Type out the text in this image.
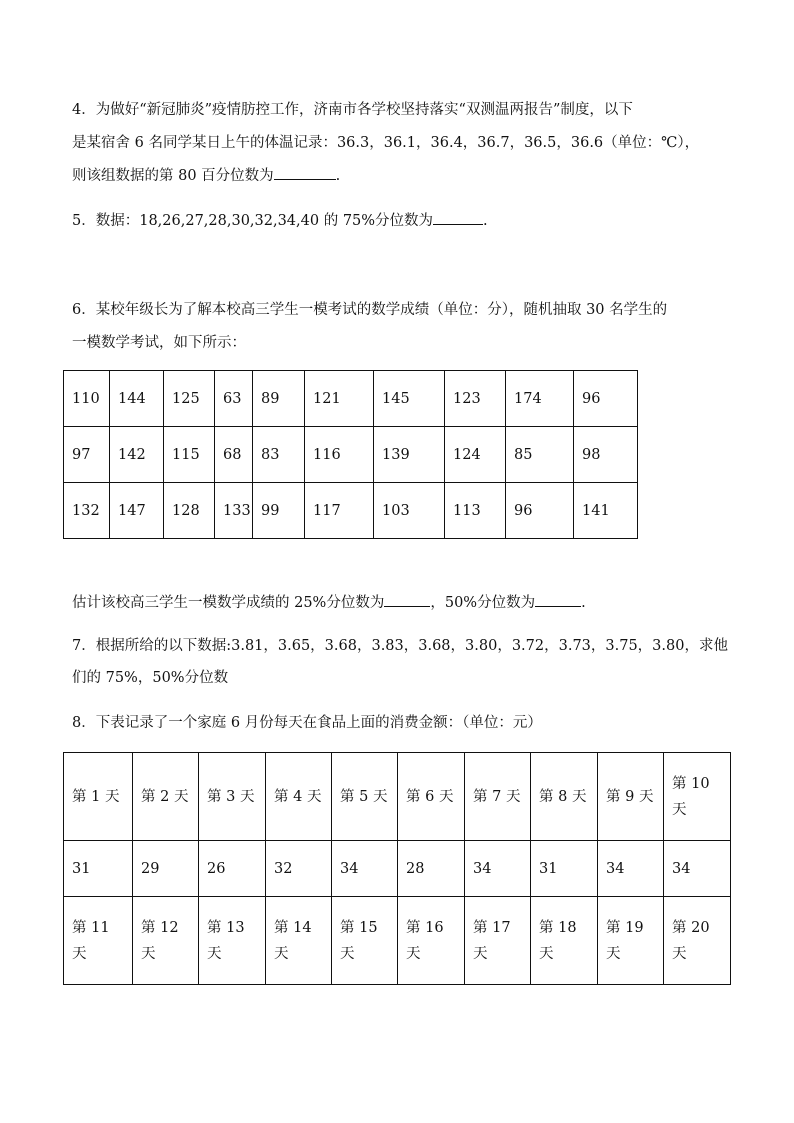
4．为做好“新冠肺炎”疫情肪控工作，济南市各学校坚持落实“双测温两报告”制度，以下
是某宿舍 6 名同学某日上午的体温记录：36.3，36.1，36.4，36.7，36.5，36.6（单位：℃），
则该组数据的第 80 百分位数为	.
5．数据：18,26,27,28,30,32,34,40 的 75%分位数为	.
6．某校年级长为了解本校高三学生一模考试的数学成绩（单位：分），随机抽取 30 名学生的
一模数学考试，如下所示：
110	144	125	63	89	121	145	123	174	96
97	142	115	68	83	116	139	124	85	98
132	147	128	133	99	117	103	113	96	141
估计该校高三学生一模数学成绩的 25%分位数为	，50%分位数为	.
7．根据所给的以下数据:3.81，3.65，3.68，3.83，3.68，3.80，3.72，3.73，3.75，3.80，求他
们的 75%，50%分位数
8．下表记录了一个家庭 6 月份每天在食品上面的消费金额：（单位：元）
第 1 天	第 2 天	第 3 天	第 4 天	第 5 天	第 6 天	第 7 天	第 8 天	第 9 天	第 10 天
31	29	26	32	34	28	34	31	34	34
第 11 天	第 12 天	第 13 天	第 14 天	第 15 天	第 16 天	第 17 天	第 18 天	第 19 天	第 20 天
